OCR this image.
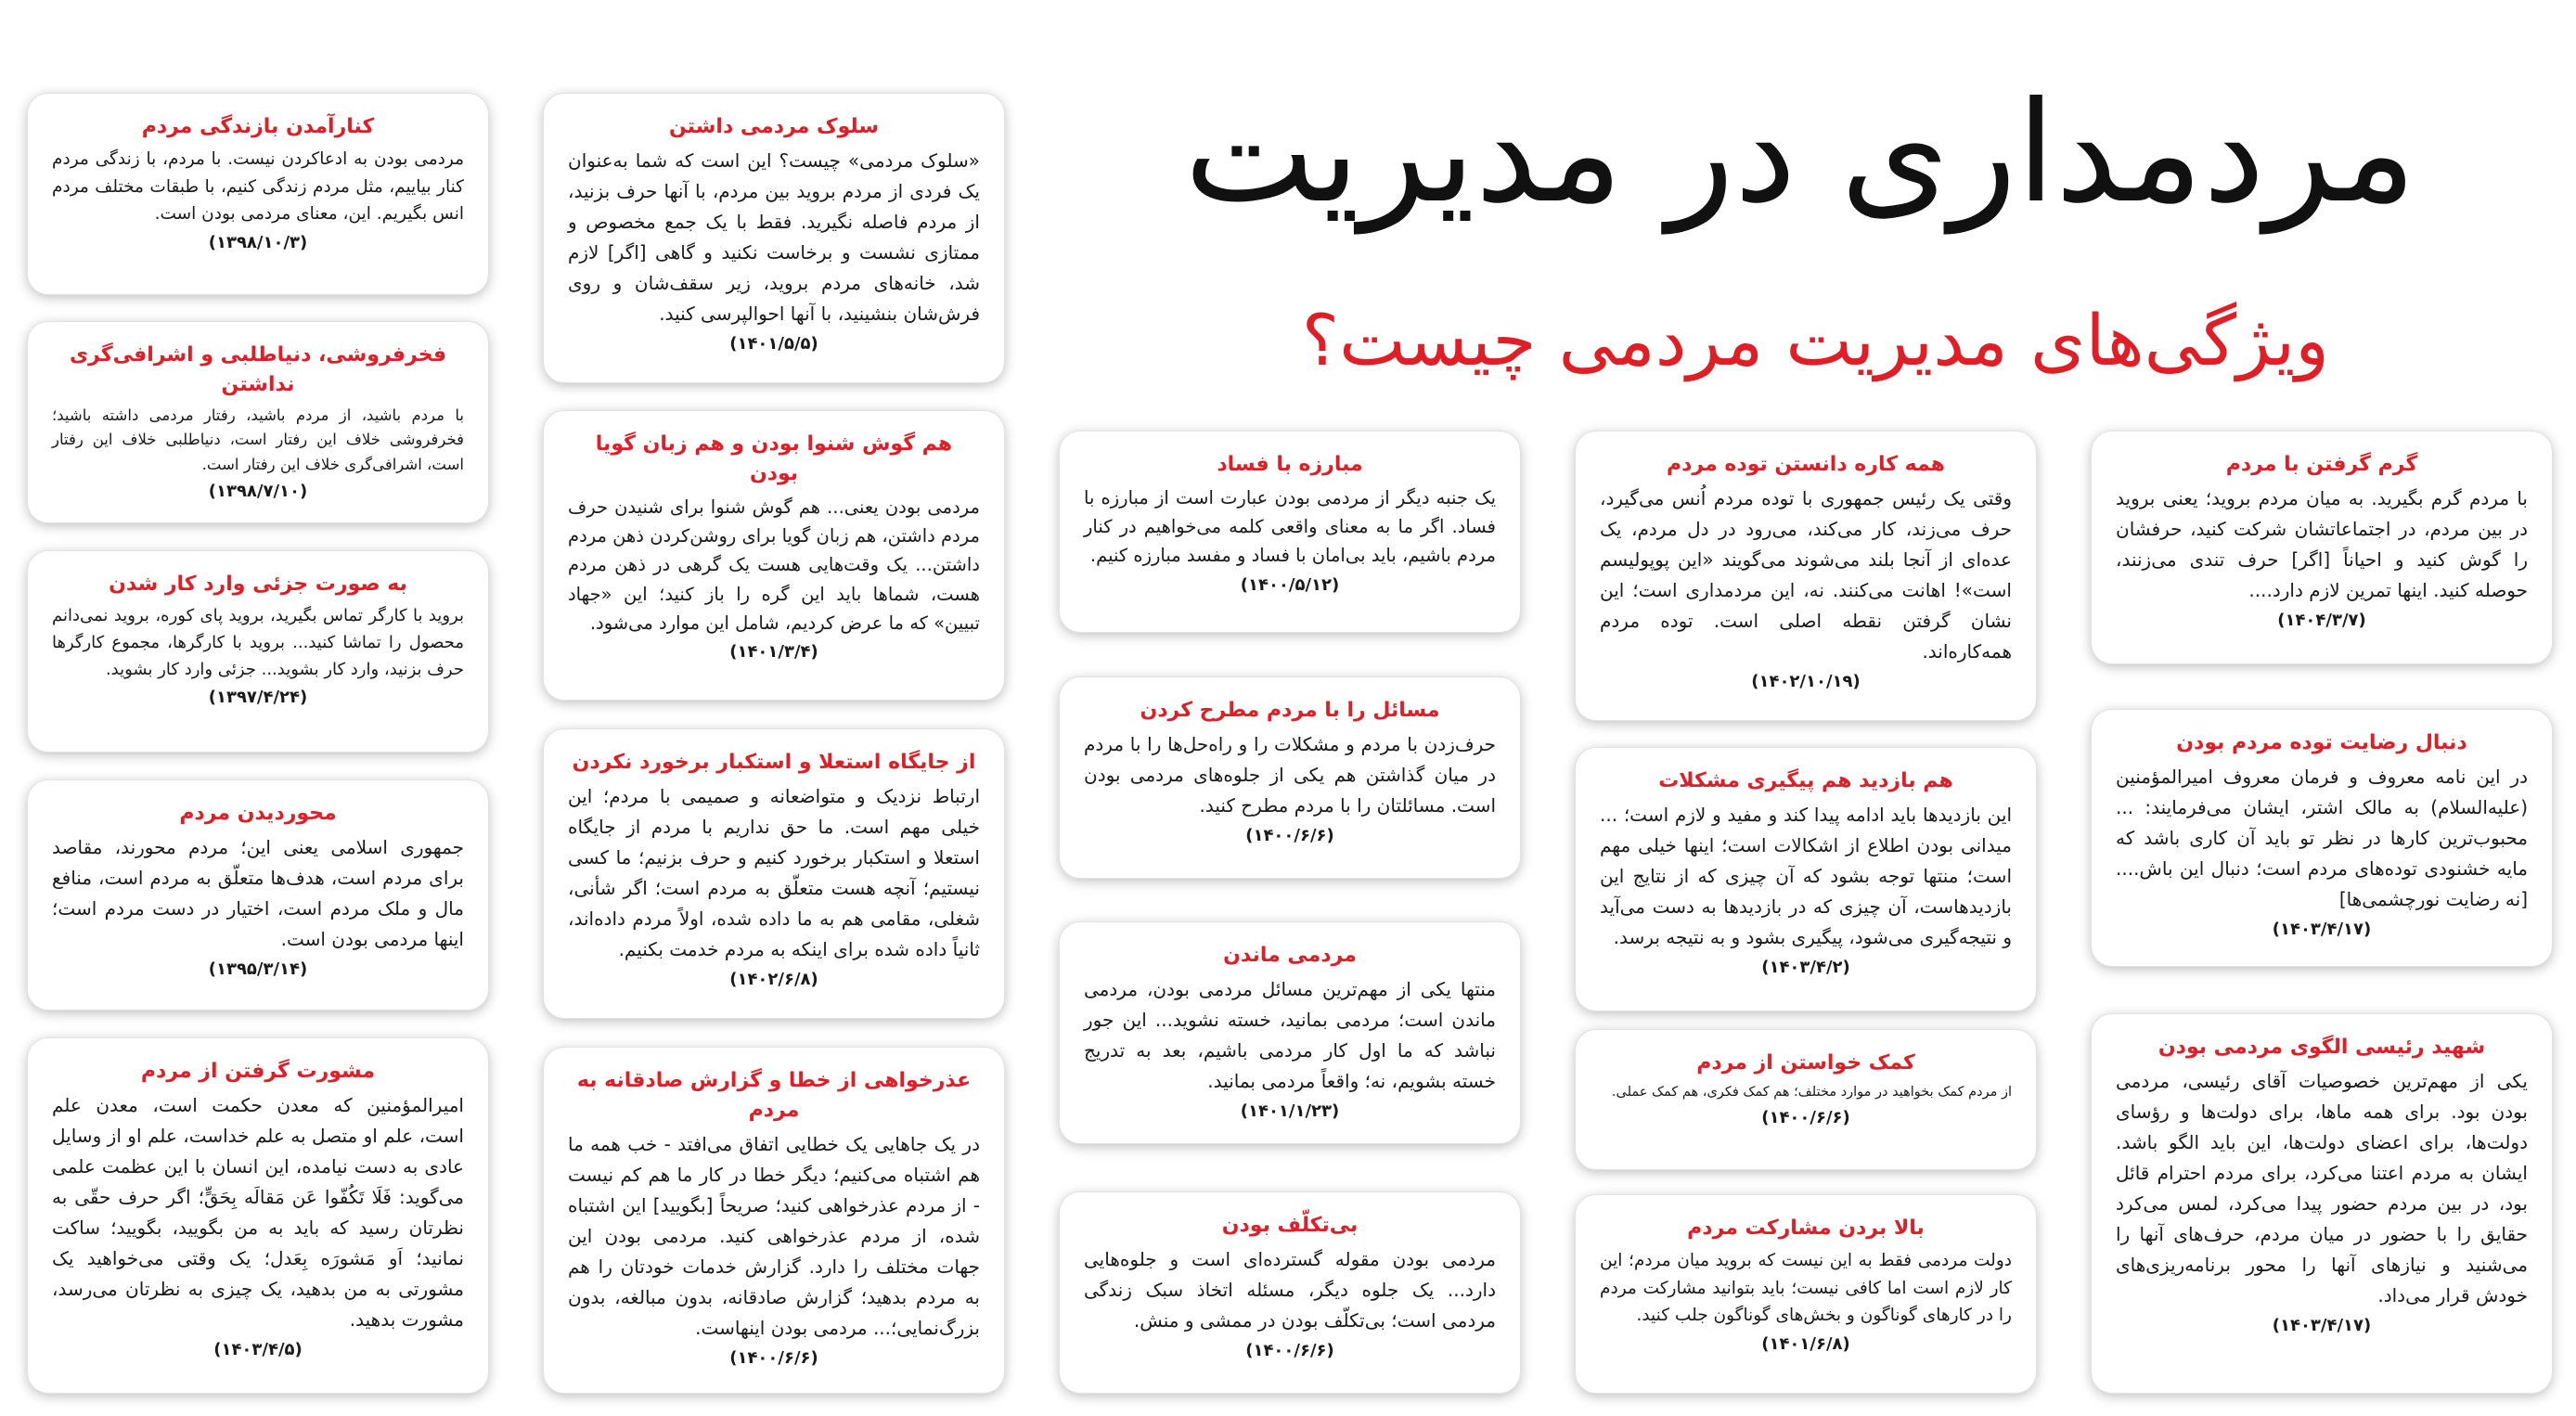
مردمداری در مدیریت
ویژگی‌های مدیریت مردمی چیست؟
کنارآمدن بازندگی مردم
مردمی بودن به ادعاکردن نیست. با مردم، با زندگی مردم کنار بیاییم، مثل مردم زندگی کنیم، با طبقات مختلف مردم انس بگیریم. این، معنای مردمی بودن است.
(۱۳۹۸/۱۰/۳)
فخرفروشی، دنیاطلبی و اشرافی‌گری نداشتن
با مردم باشید، از مردم باشید، رفتار مردمی داشته باشید؛ فخرفروشی خلاف این رفتار است، دنیاطلبی خلاف این رفتار است، اشرافی‌گری خلاف این رفتار است.
(۱۳۹۸/۷/۱۰)
به صورت جزئی وارد کار شدن
بروید با کارگر تماس بگیرید، بروید پای کوره، بروید نمی‌دانم محصول را تماشا کنید... بروید با کارگرها، مجموع کارگرها حرف بزنید، وارد کار بشوید... جزئی وارد کار بشوید.
(۱۳۹۷/۴/۲۴)
محوردیدن مردم
جمهوری اسلامی یعنی این؛ مردم محورند، مقاصد برای مردم است، هدف‌ها متعلّق به مردم است، منافع مال و ملک مردم است، اختیار در دست مردم است؛ اینها مردمی بودن است.
(۱۳۹۵/۳/۱۴)
مشورت گرفتن از مردم
امیرالمؤمنین که معدن حکمت است، معدن علم است، علم او متصل به علم خداست، علم او از وسایل عادی به دست نیامده، این انسان با این عظمت علمی می‌گوید: فَلَا تَکُفّوا عَن مَقالَه بِحَقٍّ؛ اگر حرف حقّی به نظرتان رسید که باید به من بگویید، بگویید؛ ساکت نمانید؛ اَو مَشورَه بِعَدل؛ یک وقتی می‌خواهید یک مشورتی به من بدهید، یک چیزی به نظرتان می‌رسد، مشورت بدهید.
(۱۴۰۳/۴/۵)
سلوک مردمی داشتن
«سلوک مردمی» چیست؟ این است که شما به‌عنوان یک فردی از مردم بروید بین مردم، با آنها حرف بزنید، از مردم فاصله نگیرید. فقط با یک جمع مخصوص و ممتازی نشست و برخاست نکنید و گاهی [اگر] لازم شد، خانه‌های مردم بروید، زیر سقف‌شان و روی فرش‌شان بنشینید، با آنها احوالپرسی کنید.
(۱۴۰۱/۵/۵)
هم گوش شنوا بودن و هم زبان گویا بودن
مردمی بودن یعنی... هم گوش شنوا برای شنیدن حرف مردم داشتن، هم زبان گویا برای روشن‌کردن ذهن مردم داشتن... یک وقت‌هایی هست یک گرهی در ذهن مردم هست، شماها باید این گره را باز کنید؛ این «جهاد تبیین» که ما عرض کردیم، شامل این موارد می‌شود.
(۱۴۰۱/۳/۴)
از جایگاه استعلا و استکبار برخورد نکردن
ارتباط نزدیک و متواضعانه و صمیمی با مردم؛ این خیلی مهم است. ما حق نداریم با مردم از جایگاه استعلا و استکبار برخورد کنیم و حرف بزنیم؛ ما کسی نیستیم؛ آنچه هست متعلّق به مردم است؛ اگر شأنی، شغلی، مقامی هم به ما داده شده، اولاً مردم داده‌اند، ثانیاً داده شده برای اینکه به مردم خدمت بکنیم.
(۱۴۰۲/۶/۸)
عذرخواهی از خطا و گزارش صادقانه به مردم
در یک جاهایی یک خطایی اتفاق می‌افتد - خب همه ما هم اشتباه می‌کنیم؛ دیگر خطا در کار ما هم کم نیست - از مردم عذرخواهی کنید؛ صریحاً [بگویید] این اشتباه شده، از مردم عذرخواهی کنید. مردمی بودن این جهات مختلف را دارد. گزارش خدمات خودتان را هم به مردم بدهید؛ گزارش صادقانه، بدون مبالغه، بدون بزرگ‌نمایی؛... مردمی بودن اینهاست.
(۱۴۰۰/۶/۶)
مبارزه با فساد
یک جنبه دیگر از مردمی بودن عبارت است از مبارزه با فساد. اگر ما به معنای واقعی کلمه می‌خواهیم در کنار مردم باشیم، باید بی‌امان با فساد و مفسد مبارزه کنیم.
(۱۴۰۰/۵/۱۲)
مسائل را با مردم مطرح کردن
حرف‌زدن با مردم و مشکلات را و راه‌حل‌ها را با مردم در میان گذاشتن هم یکی از جلوه‌های مردمی بودن است. مسائلتان را با مردم مطرح کنید.
(۱۴۰۰/۶/۶)
مردمی ماندن
منتها یکی از مهم‌ترین مسائل مردمی بودن، مردمی ماندن است؛ مردمی بمانید، خسته نشوید... این جور نباشد که ما اول کار مردمی باشیم، بعد به تدریج خسته بشویم، نه؛ واقعاً مردمی بمانید.
(۱۴۰۱/۱/۲۳)
بی‌تکلّف بودن
مردمی بودن مقوله گسترده‌ای است و جلوه‌هایی دارد... یک جلوه دیگر، مسئله اتخاذ سبک زندگی مردمی است؛ بی‌تکلّف بودن در ممشی و منش.
(۱۴۰۰/۶/۶)
همه کاره دانستن توده مردم
وقتی یک رئیس جمهوری با توده مردم اُنس می‌گیرد، حرف می‌زند، کار می‌کند، می‌رود در دل مردم، یک عده‌ای از آنجا بلند می‌شوند می‌گویند «این پوپولیسم است»! اهانت می‌کنند. نه، این مردمداری است؛ این نشان گرفتن نقطه اصلی است. توده مردم همه‌کاره‌اند.
(۱۴۰۲/۱۰/۱۹)
هم بازدید هم پیگیری مشکلات
این بازدیدها باید ادامه پیدا کند و مفید و لازم است؛ ... میدانی بودن اطلاع از اشکالات است؛ اینها خیلی مهم است؛ منتها توجه بشود که آن چیزی که از نتایج این بازدیدهاست، آن چیزی که در بازدیدها به دست می‌آید و نتیجه‌گیری می‌شود، پیگیری بشود و به نتیجه برسد.
(۱۴۰۳/۴/۲)
کمک خواستن از مردم
از مردم کمک بخواهید در موارد مختلف؛ هم کمک فکری، هم کمک عملی.
(۱۴۰۰/۶/۶)
بالا بردن مشارکت مردم
دولت مردمی فقط به این نیست که بروید میان مردم؛ این کار لازم است اما کافی نیست؛ باید بتوانید مشارکت مردم را در کارهای گوناگون و بخش‌های گوناگون جلب کنید.
(۱۴۰۱/۶/۸)
گرم گرفتن با مردم
با مردم گرم بگیرید. به میان مردم بروید؛ یعنی بروید در بین مردم، در اجتماعاتشان شرکت کنید، حرفشان را گوش کنید و احیاناً [اگر] حرف تندی می‌زنند، حوصله کنید. اینها تمرین لازم دارد....
(۱۴۰۴/۳/۷)
دنبال رضایت توده مردم بودن
در این نامه معروف و فرمان معروف امیرالمؤمنین (علیه‌السلام) به مالک اشتر، ایشان می‌فرمایند: ... محبوب‌ترین کارها در نظر تو باید آن کاری باشد که مایه خشنودی توده‌های مردم است؛ دنبال این باش.... [نه رضایت نورچشمی‌ها]
(۱۴۰۳/۴/۱۷)
شهید رئیسی الگوی مردمی بودن
یکی از مهم‌ترین خصوصیات آقای رئیسی، مردمی بودن بود. برای همه ما‌ها، برای دولت‌ها و رؤسای دولت‌ها، برای اعضای دولت‌ها، این باید الگو باشد. ایشان به مردم اعتنا می‌کرد، برای مردم احترام قائل بود، در بین مردم حضور پیدا می‌کرد، لمس می‌کرد حقایق را با حضور در میان مردم، حرف‌های آنها را می‌شنید و نیازهای آنها را محور برنامه‌ریزی‌های خودش قرار می‌داد.
(۱۴۰۳/۴/۱۷)
